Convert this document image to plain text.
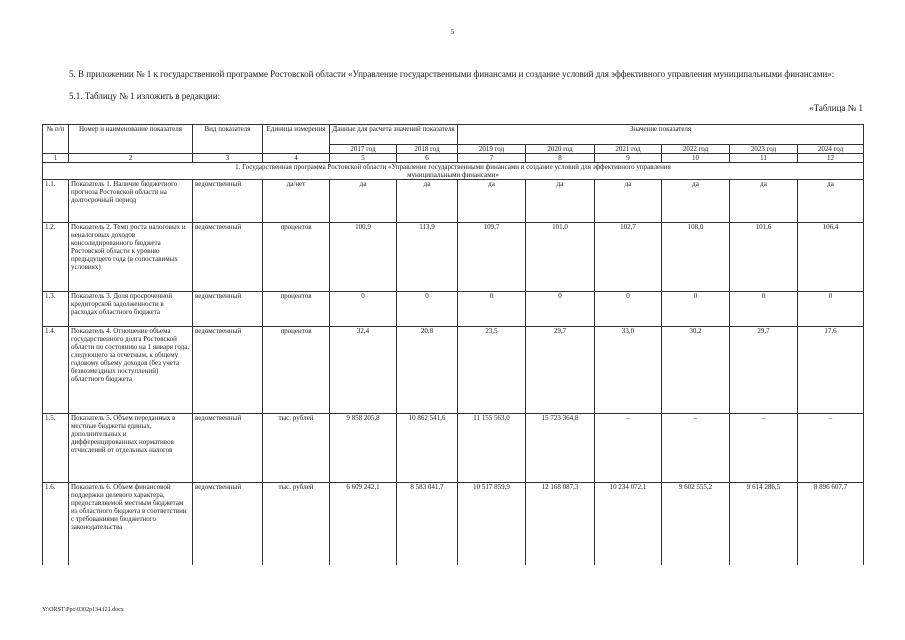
5
5. В приложении № 1 к государственной программе Ростовской области «Управление государственными финансами и создание условий для эффективного управления муниципальными финансами»:
5.1. Таблицу № 1 изложить в редакции:
«Таблица № 1
№ п/п	Номер и наименование показателя	Вид показателя	Единица измерения	Данные для расчета значений показателя		Значение показателя					
				2017 год	2018 год	2019 год	2020 год	2021 год	2022 год	2023 год	2024 год
1	2	3	4	5	6	7	8	9	10	11	12
1. Государственная программа Ростовской области «Управление государственными финансами и создание условий для эффективного управления муниципальными финансами»											
1.1.	Показатель 1. Наличие бюджетного прогноза Ростовской области на долгосрочный период	ведомственный	да/нет	да	да	да	да	да	да	да	да
1.2.	Показатель 2. Темп роста налоговых и неналоговых доходов консолидированного бюджета Ростовской области к уровню предыдущего года (в сопоставимых условиях)	ведомственный	процентов	100,9	113,9	109,7	101,0	102,7	108,0	101,6	106,4
1.3.	Показатель 3. Доля просроченной кредиторской задолженности в расходах областного бюджета	ведомственный	процентов	0	0	0	0	0	0	0	0
1.4.	Показатель 4. Отношение объема государственного долга Ростовской области по состоянию на 1 января года, следующего за отчетным, к общему годовому объему доходов (без учета безвозмездных поступлений) областного бюджета	ведомственный	процентов	32,4	20,8	23,5	29,7	33,0	30,2	29,7	17,6
1.5.	Показатель 5. Объем переданных в местные бюджеты единых, дополнительных и дифференцированных нормативов отчислений от отдельных налогов	ведомственный	тыс. рублей	9 858 205,8	10 862 541,6	11 155 563,0	15 723 364,8	–	–	–	–
1.6.	Показатель 6. Объем финансовой поддержки целевого характера, предоставляемой местным бюджетам из областного бюджета в соответствии с требованиями бюджетного законодательства	ведомственный	тыс. рублей	6 609 242,1	8 583 041,7	10 517 859,9	12 168 087,3	10 234 072,1	9 602 555,2	9 614 286,5	8 896 607,7
Y:\ORST\Ppo\0302p134.f21.docx
